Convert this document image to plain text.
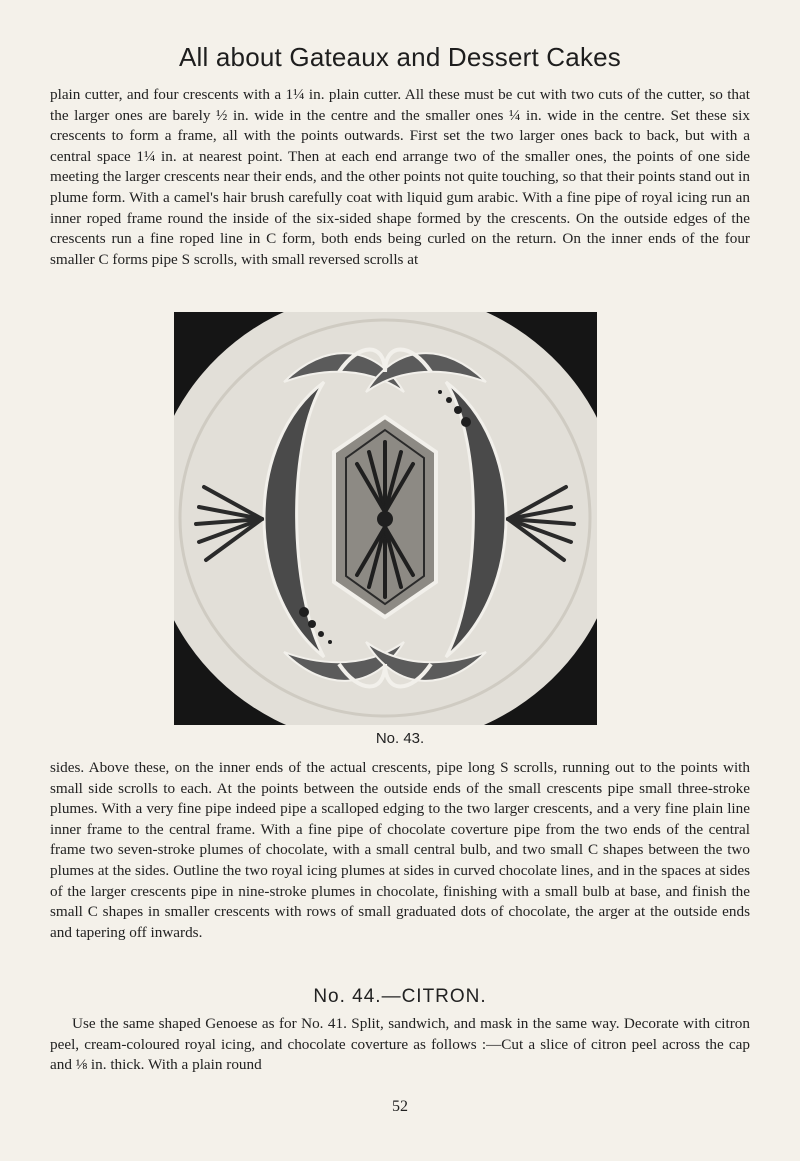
All about Gateaux and Dessert Cakes

plain cutter, and four crescents with a 1¼ in. plain cutter. All these must be cut with two cuts of the cutter, so that the larger ones are barely ½ in. wide in the centre and the smaller ones ¼ in. wide in the centre. Set these six crescents to form a frame, all with the points outwards. First set the two larger ones back to back, but with a central space 1¼ in. at nearest point. Then at each end arrange two of the smaller ones, the points of one side meeting the larger crescents near their ends, and the other points not quite touching, so that their points stand out in plume form. With a camel's hair brush carefully coat with liquid gum arabic. With a fine pipe of royal icing run an inner roped frame round the inside of the six-sided shape formed by the crescents. On the outside edges of the crescents run a fine roped line in C form, both ends being curled on the return. On the inner ends of the four smaller C forms pipe S scrolls, with small reversed scrolls at

No. 43.

sides. Above these, on the inner ends of the actual crescents, pipe long S scrolls, running out to the points with small side scrolls to each. At the points between the outside ends of the small crescents pipe small three-stroke plumes. With a very fine pipe indeed pipe a scalloped edging to the two larger crescents, and a very fine plain line inner frame to the central frame. With a fine pipe of chocolate coverture pipe from the two ends of the central frame two seven-stroke plumes of chocolate, with a small central bulb, and two small C shapes between the two plumes at the sides. Outline the two royal icing plumes at sides in curved chocolate lines, and in the spaces at sides of the larger crescents pipe in nine-stroke plumes in chocolate, finishing with a small bulb at base, and finish the small C shapes in smaller crescents with rows of small graduated dots of chocolate, the arger at the outside ends and tapering off inwards.

No. 44.—CITRON.

Use the same shaped Genoese as for No. 41. Split, sandwich, and mask in the same way. Decorate with citron peel, cream-coloured royal icing, and chocolate coverture as follows :—Cut a slice of citron peel across the cap and ⅛ in. thick. With a plain round

52
